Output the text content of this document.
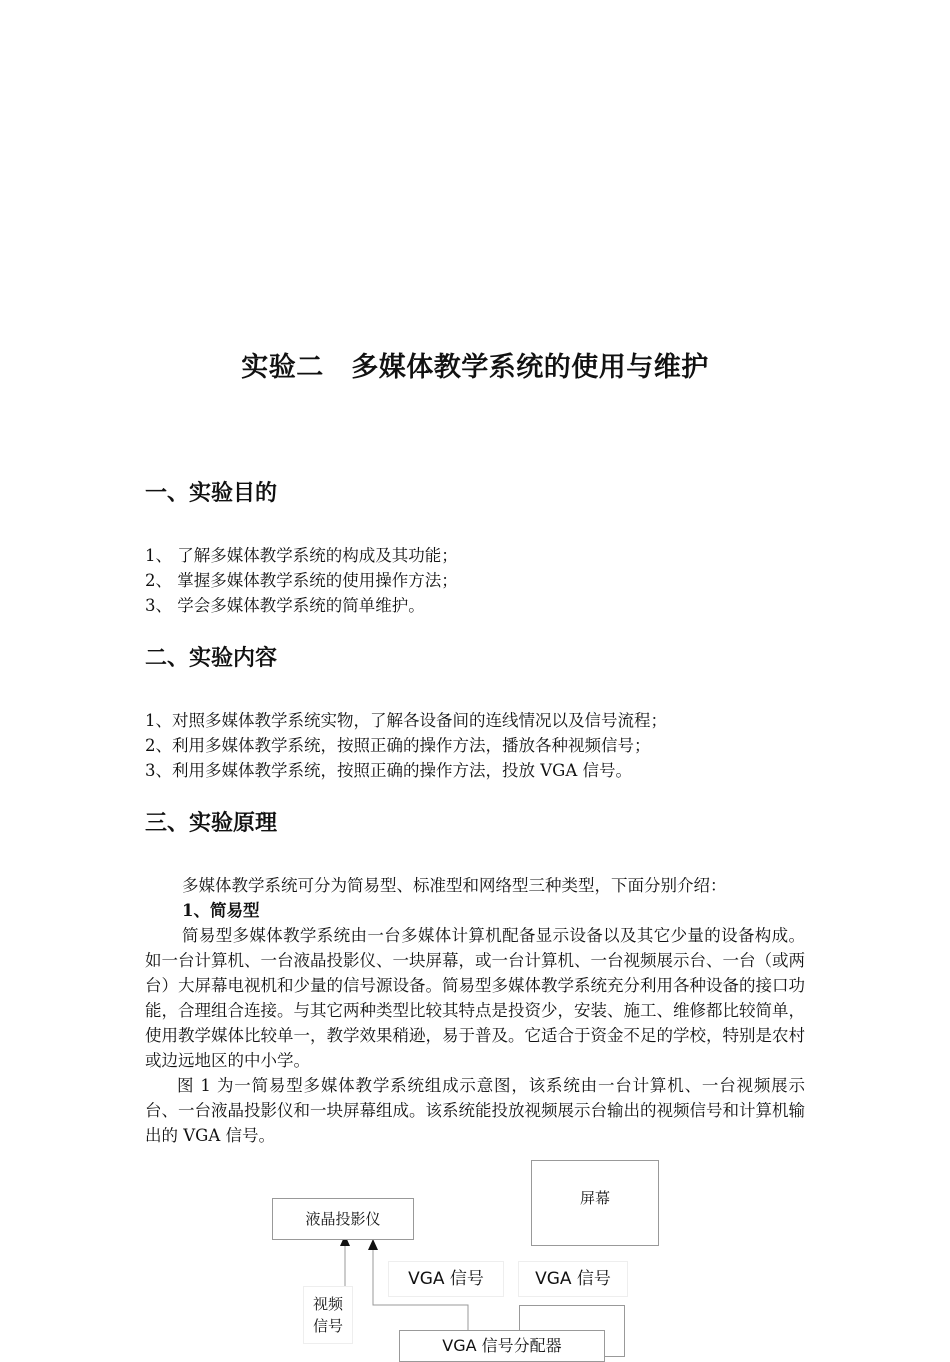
实验二　多媒体教学系统的使用与维护
一、实验目的
1、 了解多媒体教学系统的构成及其功能；
2、 掌握多媒体教学系统的使用操作方法；
3、 学会多媒体教学系统的简单维护。
二、实验内容
1、对照多媒体教学系统实物，了解各设备间的连线情况以及信号流程；
2、利用多媒体教学系统，按照正确的操作方法，播放各种视频信号；
3、利用多媒体教学系统，按照正确的操作方法，投放 VGA 信号。
三、实验原理
多媒体教学系统可分为简易型、标准型和网络型三种类型，下面分别介绍：
1、简易型
简易型多媒体教学系统由一台多媒体计算机配备显示设备以及其它少量的设备构成。如一台计算机、一台液晶投影仪、一块屏幕，或一台计算机、一台视频展示台、一台（或两台）大屏幕电视机和少量的信号源设备。简易型多媒体教学系统充分利用各种设备的接口功能，合理组合连接。与其它两种类型比较其特点是投资少，安装、施工、维修都比较简单，使用教学媒体比较单一，教学效果稍逊，易于普及。它适合于资金不足的学校，特别是农村或边远地区的中小学。
图 1 为一简易型多媒体教学系统组成示意图，该系统由一台计算机、一台视频展示台、一台液晶投影仪和一块屏幕组成。该系统能投放视频展示台输出的视频信号和计算机输出的 VGA 信号。
液晶投影仪
屏幕
VGA 信号	VGA 信号
视频
信号
VGA 信号分配器
